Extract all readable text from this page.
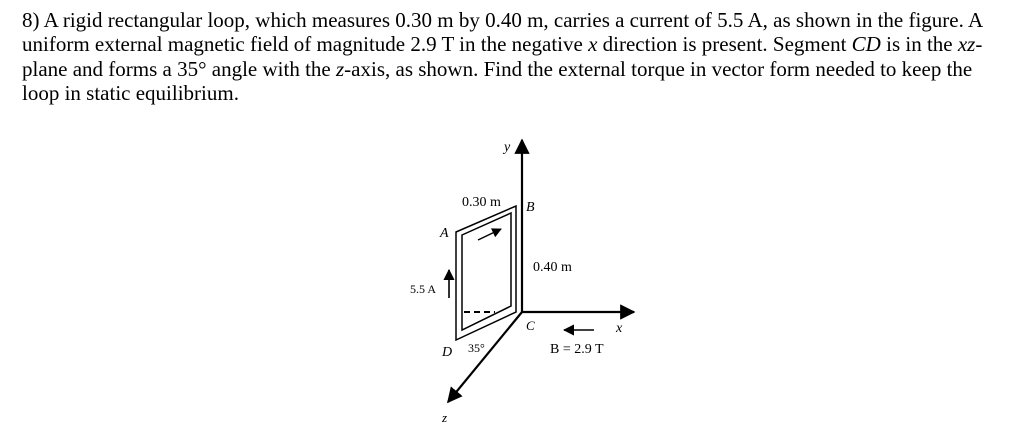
8) A rigid rectangular loop, which measures 0.30 m by 0.40 m, carries a current of 5.5 A, as shown in the figure. A uniform external magnetic field of magnitude 2.9 T in the negative x direction is present. Segment CD is in the xz-plane and forms a 35° angle with the z-axis, as shown. Find the external torque in vector form needed to keep the loop in static equilibrium.

y
x
z
5.5 A
A
B
C
D
0.30 m
0.40 m
35°	B = 2.9 T
